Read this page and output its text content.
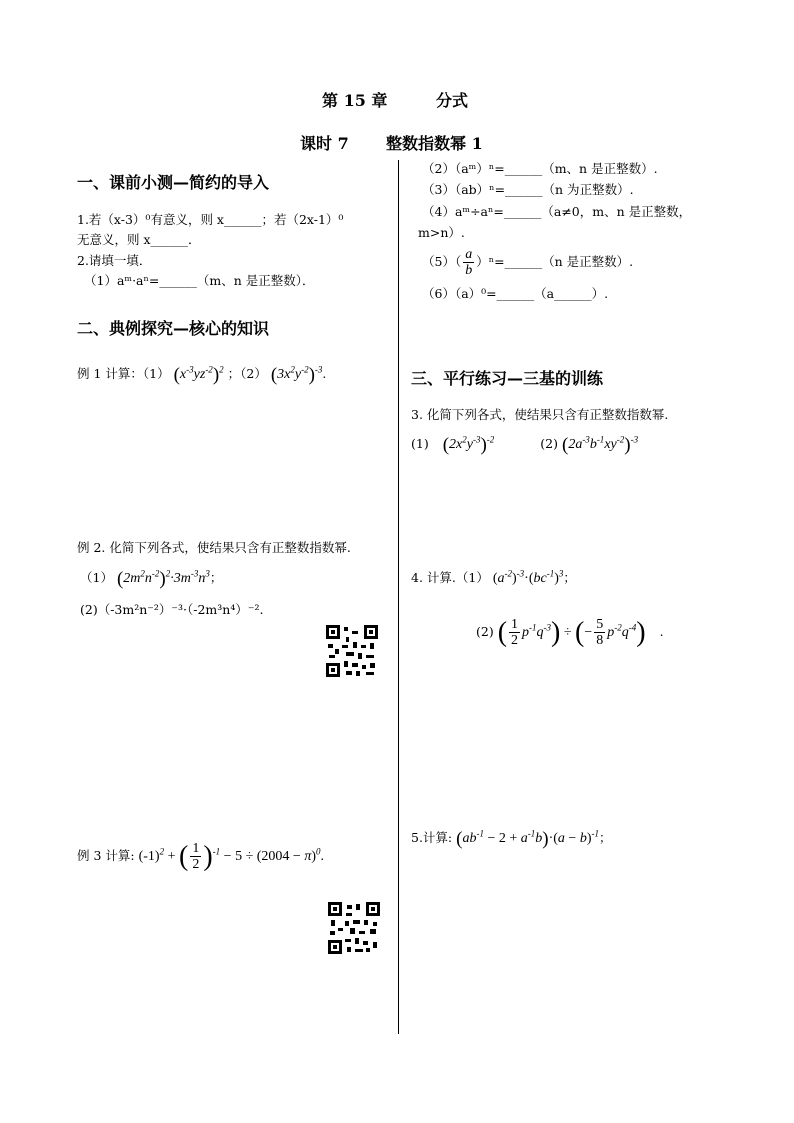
第 15 章	分式
课时 7 整数指数幂 1
一、课前小测—简约的导入
1.若（x-3）⁰有意义，则 x______；若（2x-1）⁰
无意义，则 x______．
2.请填一填．
（1）aᵐ·aⁿ=______（m、n 是正整数）．
二、典例探究—核心的知识
例 1 计算：（1） $(x^{-3}yz^{-2})^2$ ；（2） $(3x^2y^{-2})^{-3}$.
例 2. 化简下列各式，使结果只含有正整数指数幂.
（1） $(2m^2n^{-2})^2\cdot 3m^{-3}n^3$；
(2)（-3m²n⁻²）⁻³·（-2m³n⁴）⁻².
例 3 计算: $(-1)^2$ + ( $\frac{1}{2} )^{-1} - 5 \div (2004 - \pi)^0$.
（2）（aᵐ）ⁿ=______（m、n 是正整数）.
（3）（ab）ⁿ=______（n 为正整数）.
（4）aᵐ÷aⁿ=______（a≠0，m、n 是正整数，
m>n）.
$(5)( \frac{a}{b}$ ）ⁿ=______（n 是正整数）.
（6）（a）⁰=______（a______）.
三、平行练习—三基的训练
3. 化简下列各式，使结果只含有正整数指数幂.
(1) $(2x^2y^{-3})^{-2}$	(2) $(2a^{-3}b^{-1}xy^{-2})^{-3}$
4. 计算.（1） $(a^{-2})^{-3}\cdot(bc^{-1})^3$；
(2) ( $\frac{1}{2} p^{-1}q^{-3}$) ÷ (− $\frac{5}{8} p^{-2}q^{-4}$) .
5.计算: $(ab^{-1} - 2 + a^{-1}b)\cdot(a - b)^{-1}$；
